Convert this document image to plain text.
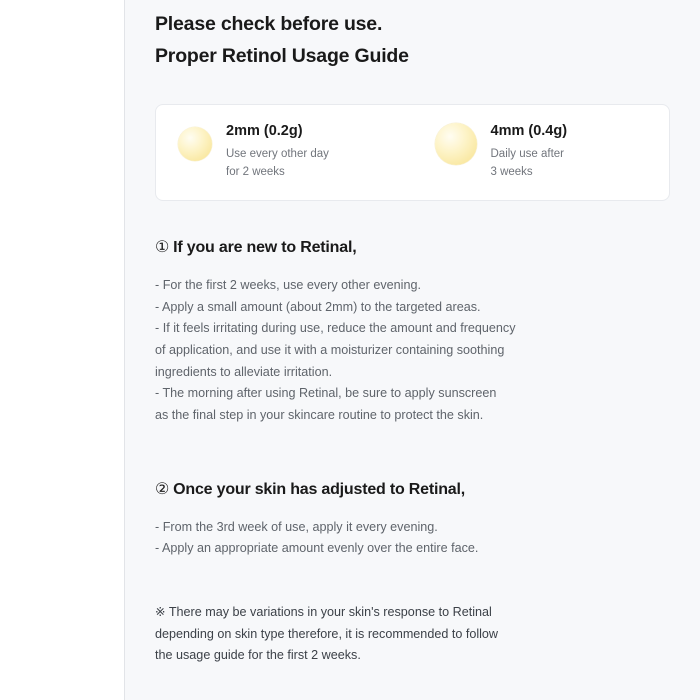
Please check before use.
Proper Retinol Usage Guide
2mm (0.2g)
Use every other day
for 2 weeks
4mm (0.4g)
Daily use after
3 weeks
① If you are new to Retinal,

- For the first 2 weeks, use every other evening.

- Apply a small amount (about 2mm) to the targeted areas.

- If it feels irritating during use, reduce the amount and frequency

of application, and use it with a moisturizer containing soothing

ingredients to alleviate irritation.

- The morning after using Retinal, be sure to apply sunscreen

as the final step in your skincare routine to protect the skin.

② Once your skin has adjusted to Retinal,

- From the 3rd week of use, apply it every evening.

- Apply an appropriate amount evenly over the entire face.

※ There may be variations in your skin's response to Retinal

depending on skin type therefore, it is recommended to follow

the usage guide for the first 2 weeks.
